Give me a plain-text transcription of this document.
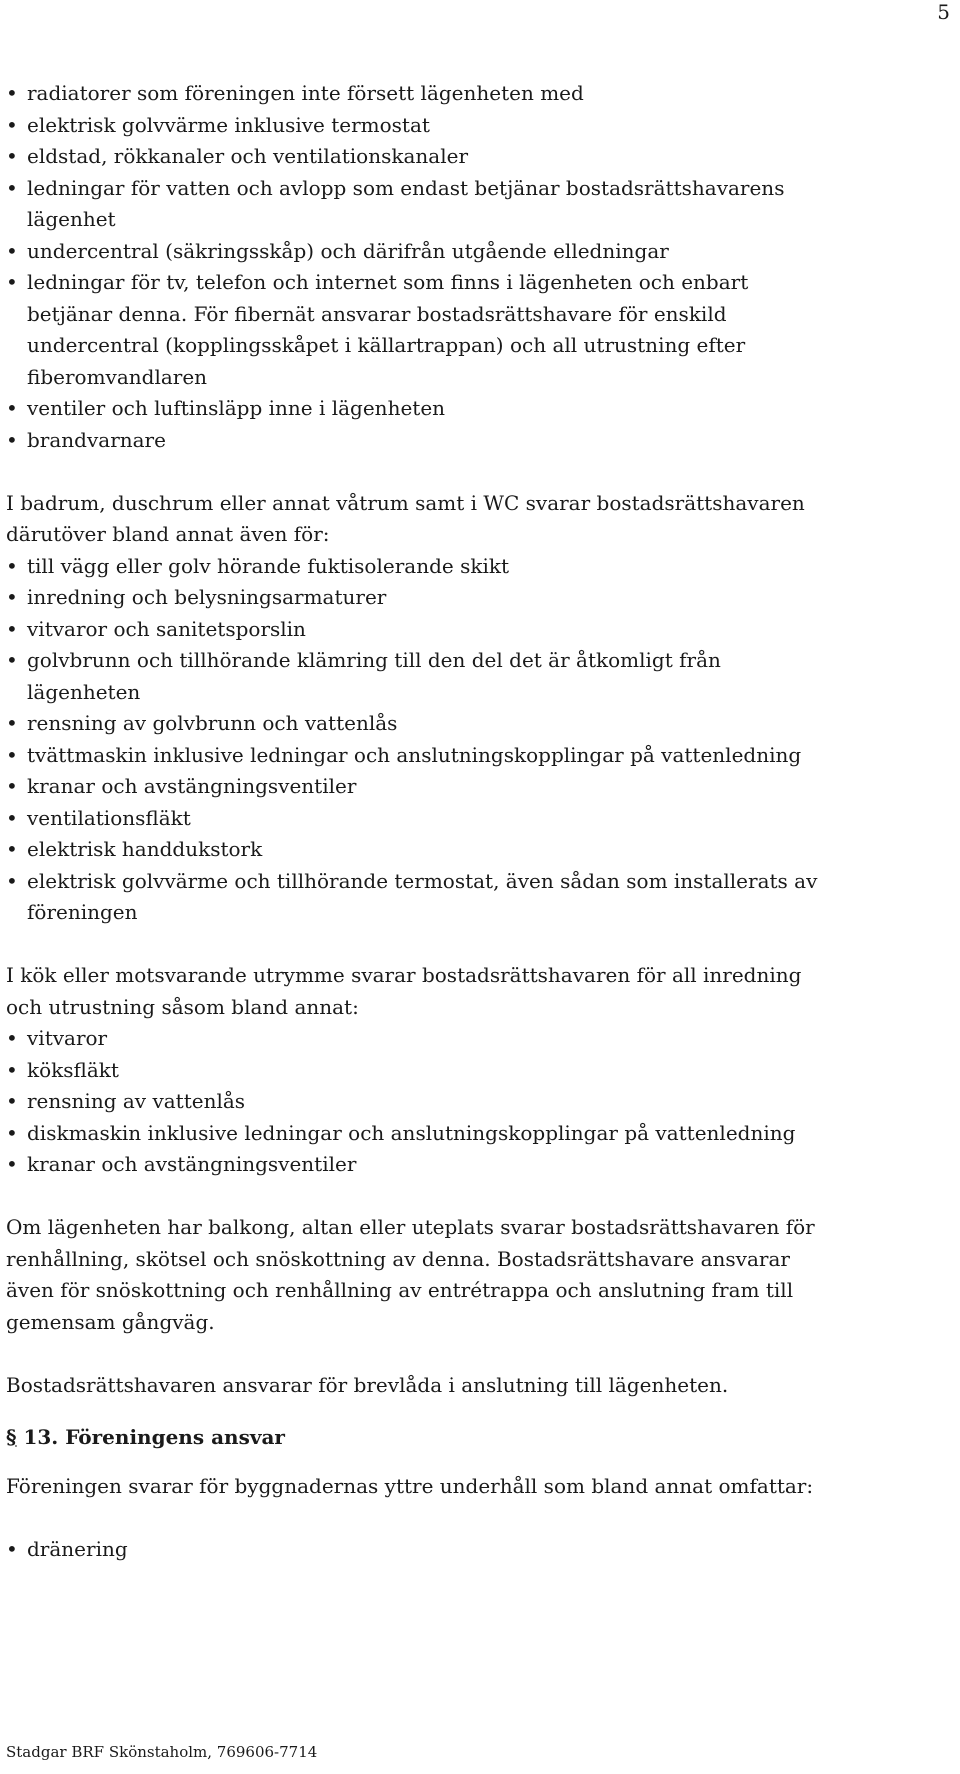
5
• radiatorer som föreningen inte försett lägenheten med
• elektrisk golvvärme inklusive termostat
• eldstad, rökkanaler och ventilationskanaler
• ledningar för vatten och avlopp som endast betjänar bostadsrättshavarens lägenhet
• undercentral (säkringsskåp) och därifrån utgående elledningar
• ledningar för tv, telefon och internet som finns i lägenheten och enbart betjänar denna. För fibernät ansvarar bostadsrättshavare för enskild undercentral (kopplingsskåpet i källartrappan) och all utrustning efter fiberomvandlaren
• ventiler och luftinsläpp inne i lägenheten
• brandvarnare

I badrum, duschrum eller annat våtrum samt i WC svarar bostadsrättshavaren därutöver bland annat även för:

• till vägg eller golv hörande fuktisolerande skikt
• inredning och belysningsarmaturer
• vitvaror och sanitetsporslin
• golvbrunn och tillhörande klämring till den del det är åtkomligt från lägenheten
• rensning av golvbrunn och vattenlås
• tvättmaskin inklusive ledningar och anslutningskopplingar på vattenledning
• kranar och avstängningsventiler
• ventilationsfläkt
• elektrisk handdukstork
• elektrisk golvvärme och tillhörande termostat, även sådan som installerats av föreningen

I kök eller motsvarande utrymme svarar bostadsrättshavaren för all inredning och utrustning såsom bland annat:

• vitvaror
• köksfläkt
• rensning av vattenlås
• diskmaskin inklusive ledningar och anslutningskopplingar på vattenledning
• kranar och avstängningsventiler

Om lägenheten har balkong, altan eller uteplats svarar bostadsrättshavaren för renhållning, skötsel och snöskottning av denna. Bostadsrättshavare ansvarar även för snöskottning och renhållning av entrétrappa och anslutning fram till gemensam gångväg.

Bostadsrättshavaren ansvarar för brevlåda i anslutning till lägenheten.

§ 13. Föreningens ansvar

Föreningen svarar för byggnadernas yttre underhåll som bland annat omfattar:

• dränering
Stadgar BRF Skönstaholm, 769606-7714
